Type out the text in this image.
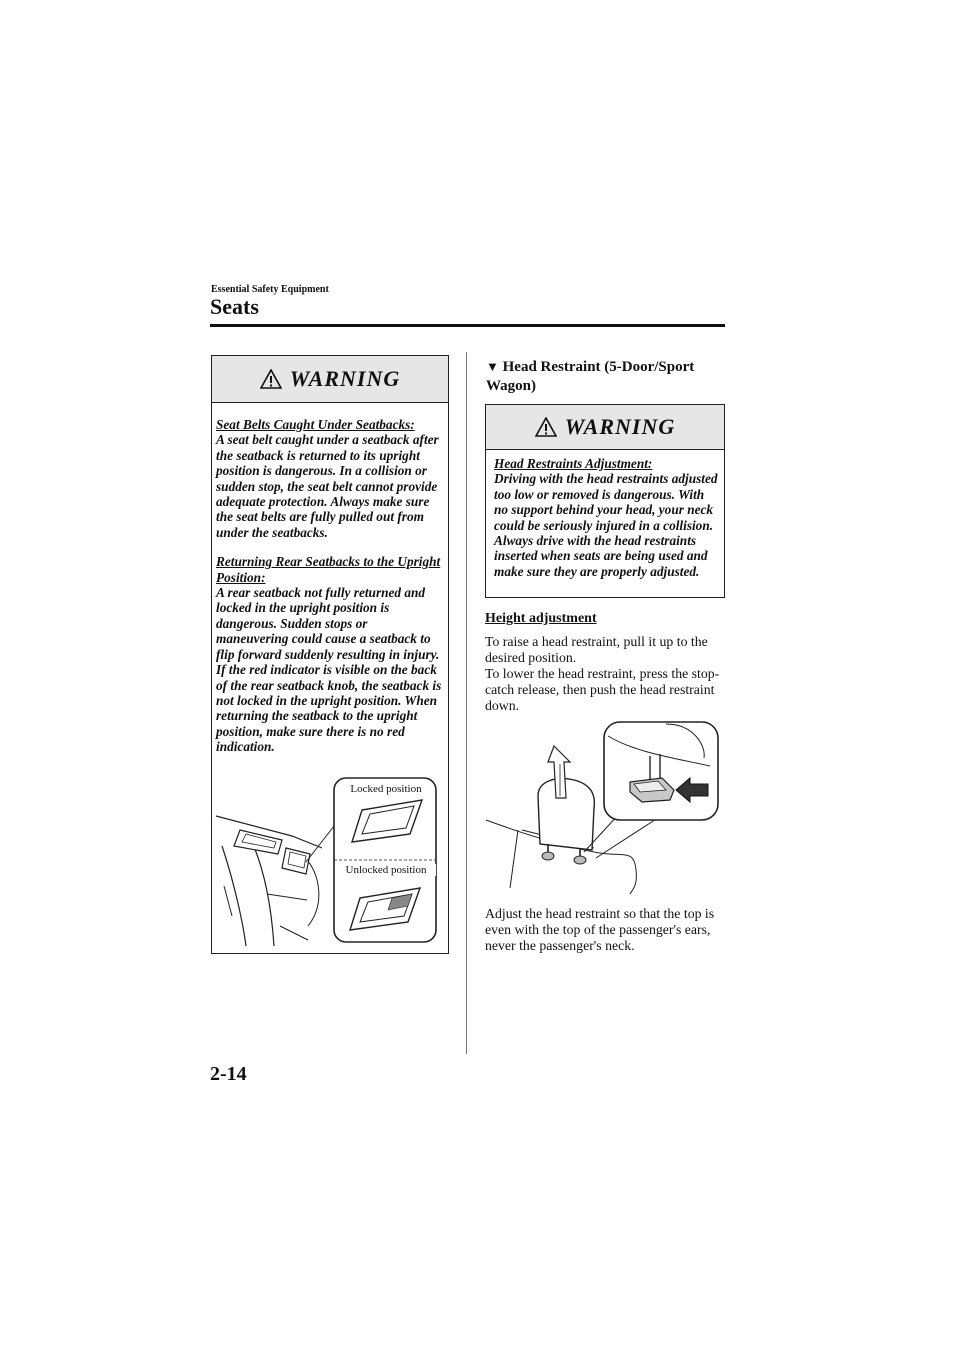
Essential Safety Equipment
Seats
WARNING

Seat Belts Caught Under Seatbacks:
A seat belt caught under a seatback after the seatback is returned to its upright position is dangerous. In a collision or sudden stop, the seat belt cannot provide adequate protection. Always make sure the seat belts are fully pulled out from under the seatbacks.

Returning Rear Seatbacks to the Upright Position:
A rear seatback not fully returned and locked in the upright position is dangerous. Sudden stops or maneuvering could cause a seatback to flip forward suddenly resulting in injury. If the red indicator is visible on the back of the rear seatback knob, the seatback is not locked in the upright position. When returning the seatback to the upright position, make sure there is no red indication.

Locked position
Unlocked position
▼ Head Restraint (5-Door/Sport Wagon)
WARNING
Head Restraints Adjustment:
Driving with the head restraints adjusted too low or removed is dangerous. With no support behind your head, your neck could be seriously injured in a collision. Always drive with the head restraints inserted when seats are being used and make sure they are properly adjusted.
Height adjustment

To raise a head restraint, pull it up to the desired position.

To lower the head restraint, press the stop-catch release, then push the head restraint down.

Adjust the head restraint so that the top is even with the top of the passenger's ears, never the passenger's neck.

2-14
